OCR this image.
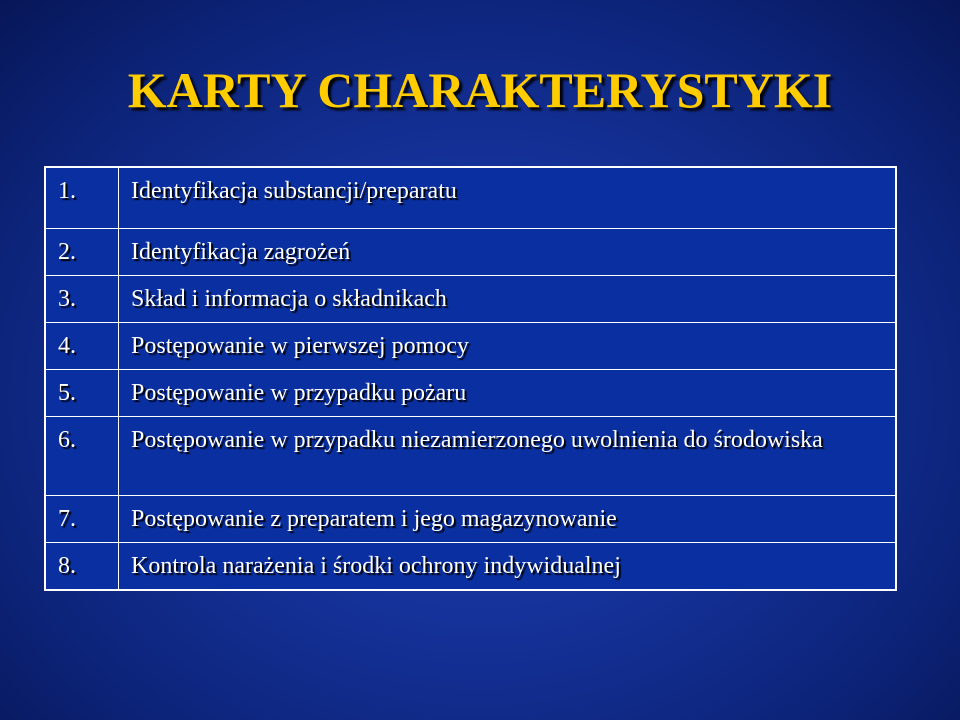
KARTY CHARAKTERYSTYKI
1.	Identyfikacja substancji/preparatu
2.	Identyfikacja zagrożeń
3.	Skład i informacja o składnikach
4.	Postępowanie w pierwszej pomocy
5.	Postępowanie w przypadku pożaru
6.	Postępowanie w przypadku niezamierzonego uwolnienia do środowiska
7.	Postępowanie z preparatem i jego magazynowanie
8.	Kontrola narażenia i środki ochrony indywidualnej
